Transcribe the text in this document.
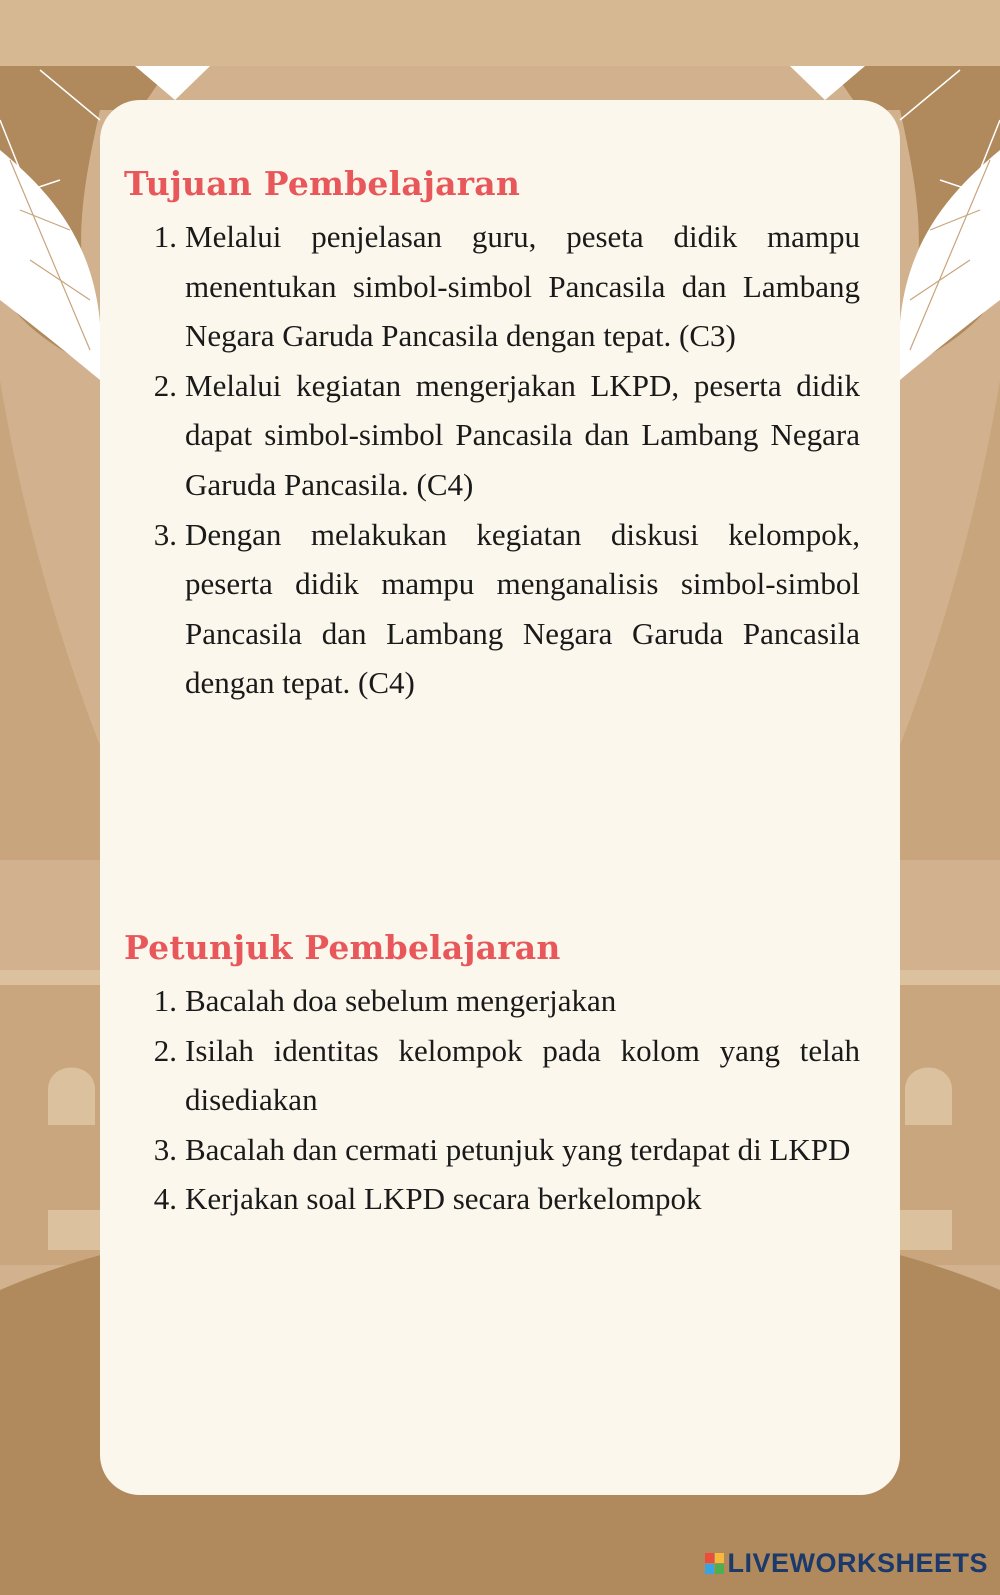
Tujuan Pembelajaran
1. Melalui penjelasan guru, peseta didik mampu menentukan simbol-simbol Pancasila dan Lambang Negara Garuda Pancasila dengan tepat. (C3)
2. Melalui kegiatan mengerjakan LKPD, peserta didik dapat simbol-simbol Pancasila dan Lambang Negara Garuda Pancasila. (C4)
3. Dengan melakukan kegiatan diskusi kelompok, peserta didik mampu menganalisis simbol-simbol Pancasila dan Lambang Negara Garuda Pancasila dengan tepat. (C4)
Petunjuk Pembelajaran
1. Bacalah doa sebelum mengerjakan
2. Isilah identitas kelompok pada kolom yang telah disediakan
3. Bacalah dan cermati petunjuk yang terdapat di LKPD
4. Kerjakan soal LKPD secara berkelompok
LIVEWORKSHEETS
